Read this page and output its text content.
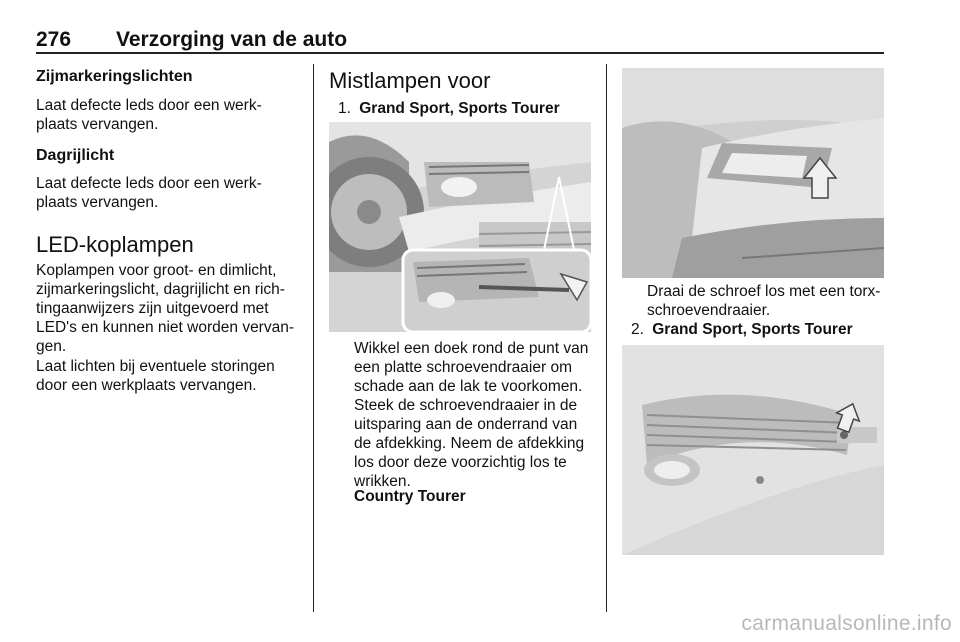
276 Verzorging van de auto
Zijmarkeringslichten
Laat defecte leds door een werk-
plaats vervangen.
Dagrijlicht
Laat defecte leds door een werk-
plaats vervangen.
LED-koplampen
Koplampen voor groot- en dimlicht,
zijmarkeringslicht, dagrijlicht en rich-
tingaanwijzers zijn uitgevoerd met
LED's en kunnen niet worden vervan-
gen.
Laat lichten bij eventuele storingen
door een werkplaats vervangen.
Mistlampen voor
1. Grand Sport, Sports Tourer
Wikkel een doek rond de punt van
een platte schroevendraaier om
schade aan de lak te voorkomen.
Steek de schroevendraaier in de
uitsparing aan de onderrand van
de afdekking. Neem de afdekking
los door deze voorzichtig los te
wrikken.
Country Tourer
Draai de schroef los met een torx-
schroevendraaier.
2. Grand Sport, Sports Tourer
carmanualsonline.info
